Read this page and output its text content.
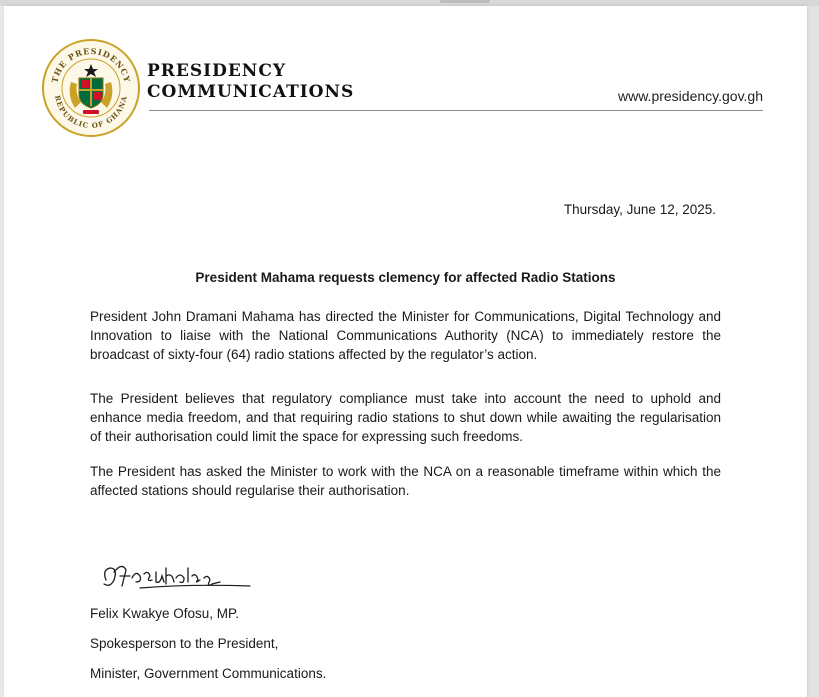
THE PRESIDENCY
REPUBLIC OF GHANA
PRESIDENCY
COMMUNICATIONS	www.presidency.gov.gh
Thursday, June 12, 2025.
President Mahama requests clemency for affected Radio Stations

President John Dramani Mahama has directed the Minister for Communications, Digital Technology and Innovation to liaise with the National Communications Authority (NCA) to immediately restore the broadcast of sixty-four (64) radio stations affected by the regulator’s action.

The President believes that regulatory compliance must take into account the need to uphold and enhance media freedom, and that requiring radio stations to shut down while awaiting the regularisation of their authorisation could limit the space for expressing such freedoms.

The President has asked the Minister to work with the NCA on a reasonable timeframe within which the affected stations should regularise their authorisation.

Felix Kwakye Ofosu, MP.
Spokesperson to the President,
Minister, Government Communications.
